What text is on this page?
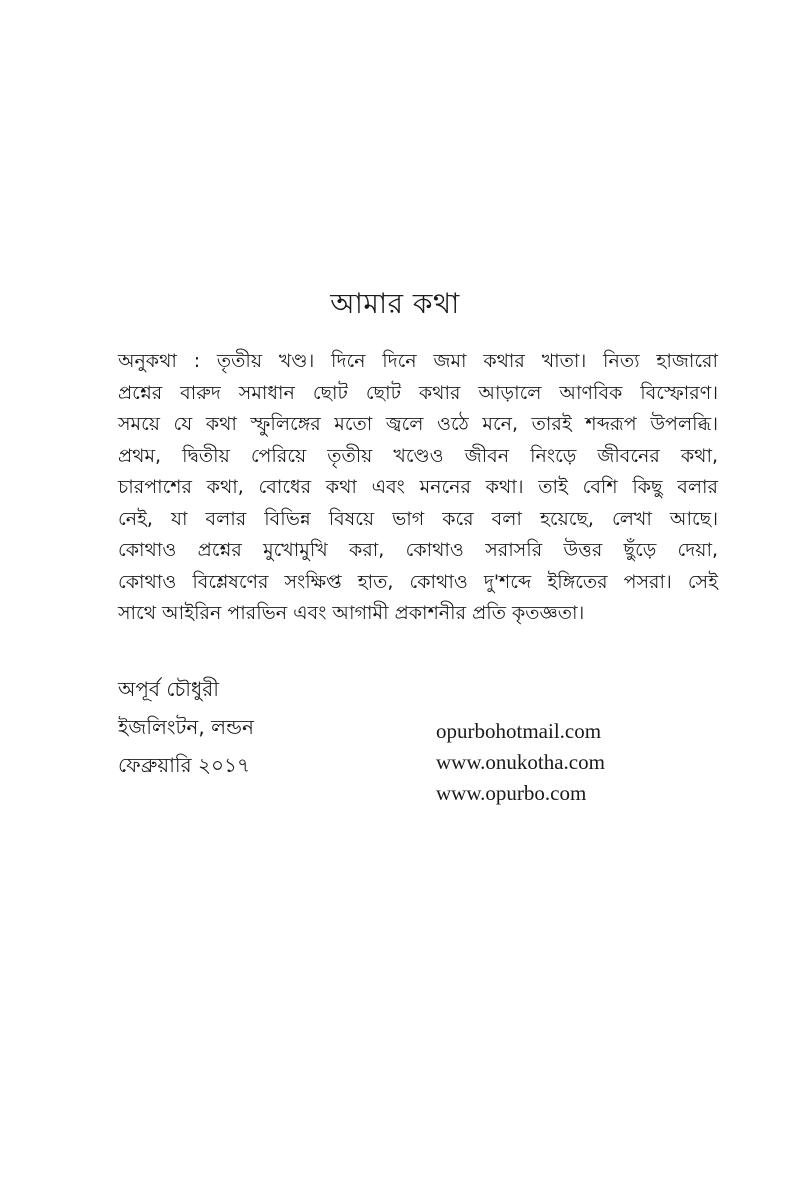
আমার কথা
অনুকথা : তৃতীয় খণ্ড। দিনে দিনে জমা কথার খাতা। নিত্য হাজারো
প্রশ্নের বারুদ সমাধান ছোট ছোট কথার আড়ালে আণবিক বিস্ফোরণ।
সময়ে যে কথা স্ফুলিঙ্গের মতো জ্বলে ওঠে মনে, তারই শব্দরূপ উপলব্ধি।
প্রথম, দ্বিতীয় পেরিয়ে তৃতীয় খণ্ডেও জীবন নিংড়ে জীবনের কথা,
চারপাশের কথা, বোধের কথা এবং মননের কথা। তাই বেশি কিছু বলার
নেই, যা বলার বিভিন্ন বিষয়ে ভাগ করে বলা হয়েছে, লেখা আছে।
কোথাও প্রশ্নের মুখোমুখি করা, কোথাও সরাসরি উত্তর ছুঁড়ে দেয়া,
কোথাও বিশ্লেষণের সংক্ষিপ্ত হাত, কোথাও দু'শব্দে ইঙ্গিতের পসরা। সেই
সাথে আইরিন পারভিন এবং আগামী প্রকাশনীর প্রতি কৃতজ্ঞতা।
অপূর্ব চৌধুরী
ইজলিংটন, লন্ডন
ফেব্রুয়ারি ২০১৭
opurbohotmail.com
www.onukotha.com
www.opurbo.com
